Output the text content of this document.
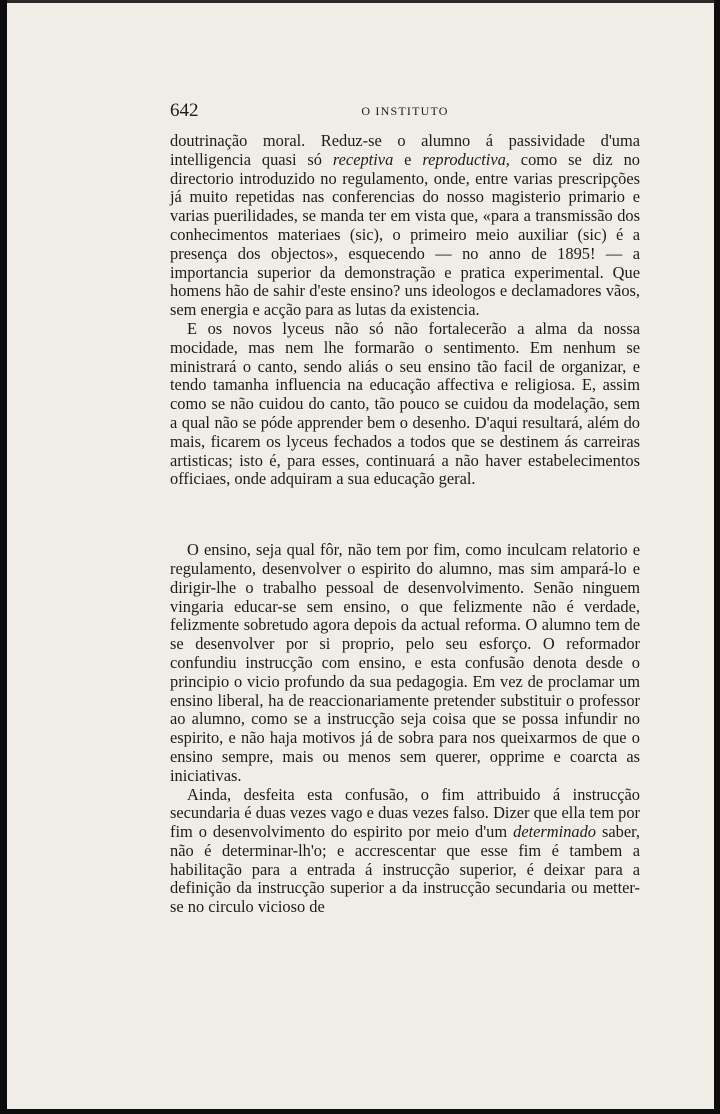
642	O INSTITUTO

doutrinação moral. Reduz-se o alumno á passividade d'uma intelligencia quasi só receptiva e reproductiva, como se diz no directorio introduzido no regulamento, onde, entre varias prescripções já muito repetidas nas conferencias do nosso magisterio primario e varias puerilidades, se manda ter em vista que, «para a transmissão dos conhecimentos materiaes (sic), o primeiro meio auxiliar (sic) é a presença dos objectos», esquecendo — no anno de 1895! — a importancia superior da demonstração e pratica experimental. Que homens hão de sahir d'este ensino? uns ideologos e declamadores vãos, sem energia e acção para as lutas da existencia.

E os novos lyceus não só não fortalecerão a alma da nossa mocidade, mas nem lhe formarão o sentimento. Em nenhum se ministrará o canto, sendo aliás o seu ensino tão facil de organizar, e tendo tamanha influencia na educação affectiva e religiosa. E, assim como se não cuidou do canto, tão pouco se cuidou da modelação, sem a qual não se póde apprender bem o desenho. D'aqui resultará, além do mais, ficarem os lyceus fechados a todos que se destinem ás carreiras artisticas; isto é, para esses, continuará a não haver estabelecimentos officiaes, onde adquiram a sua educação geral.

O ensino, seja qual fôr, não tem por fim, como inculcam relatorio e regulamento, desenvolver o espirito do alumno, mas sim ampará-lo e dirigir-lhe o trabalho pessoal de desenvolvimento. Senão ninguem vingaria educar-se sem ensino, o que felizmente não é verdade, felizmente sobretudo agora depois da actual reforma. O alumno tem de se desenvolver por si proprio, pelo seu esforço. O reformador confundiu instrucção com ensino, e esta confusão denota desde o principio o vicio profundo da sua pedagogia. Em vez de proclamar um ensino liberal, ha de reaccionariamente pretender substituir o professor ao alumno, como se a instrucção seja coisa que se possa infundir no espirito, e não haja motivos já de sobra para nos queixarmos de que o ensino sempre, mais ou menos sem querer, opprime e coarcta as iniciativas.

Ainda, desfeita esta confusão, o fim attribuido á instrucção secundaria é duas vezes vago e duas vezes falso. Dizer que ella tem por fim o desenvolvimento do espirito por meio d'um determinado saber, não é determinar-lh'o; e accrescentar que esse fim é tambem a habilitação para a entrada á instrucção superior, é deixar para a definição da instrucção superior a da instrucção secundaria ou metter-se no circulo vicioso de
